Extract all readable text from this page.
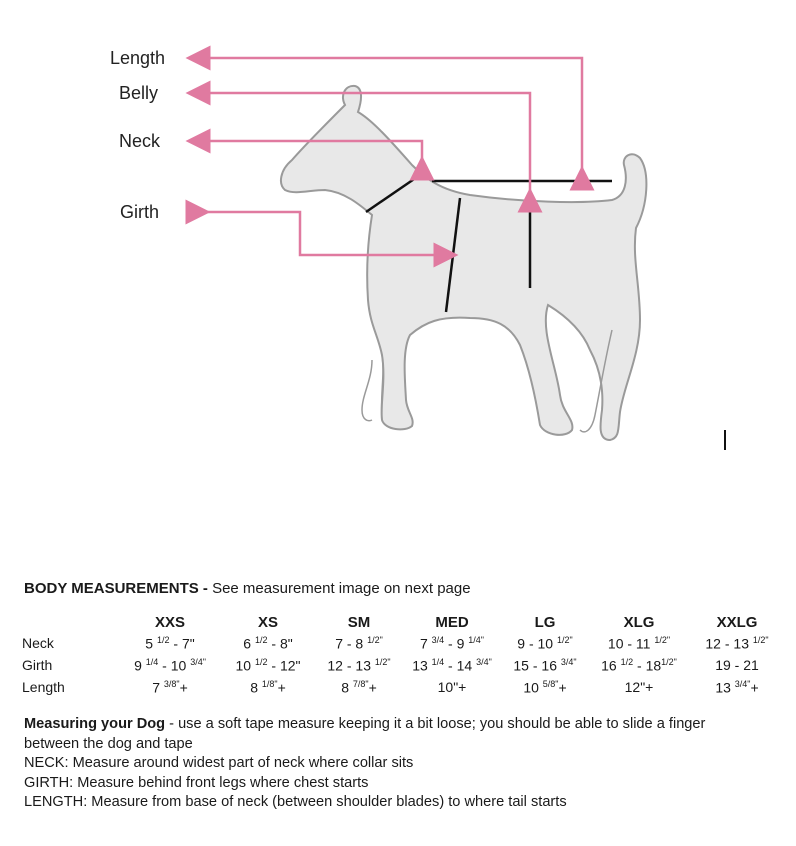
Length
Belly
Neck
Girth
BODY MEASUREMENTS - See measurement image on next page
	XXS	XS	SM	MED	LG	XLG	XXLG
Neck	5 $^{1/2}$ - 7"	6 $^{1/2}$ - 8"	7 - 8 $^{1/2"}$	7 $^{3/4}$ - 9 $^{1/4"}$	9 - 10 $^{1/2"}$	10 - 11 $^{1/2"}$	12 - 13 $^{1/2"}$
Girth	9 $^{1/4}$ - 10 $^{3/4"}$	10 $^{1/2}$ - 12"	12 - 13 $^{1/2"}$	13 $^{1/4}$ - 14 $^{3/4"}$	15 - 16 $^{3/4"}$	16 $^{1/2} - 18^{1/2"}$	19 - 21
Length	7 $^{3/8"}$+	8 $^{1/8"}$+	8 $^{7/8"}$+	10"+	10 $^{5/8"}$+	12"+	13 $^{3/4"}$+

Measuring your Dog - use a soft tape measure keeping it a bit loose; you should be able to slide a finger between the dog and tape

NECK: Measure around widest part of neck where collar sits

GIRTH: Measure behind front legs where chest starts

LENGTH: Measure from base of neck (between shoulder blades) to where tail starts
